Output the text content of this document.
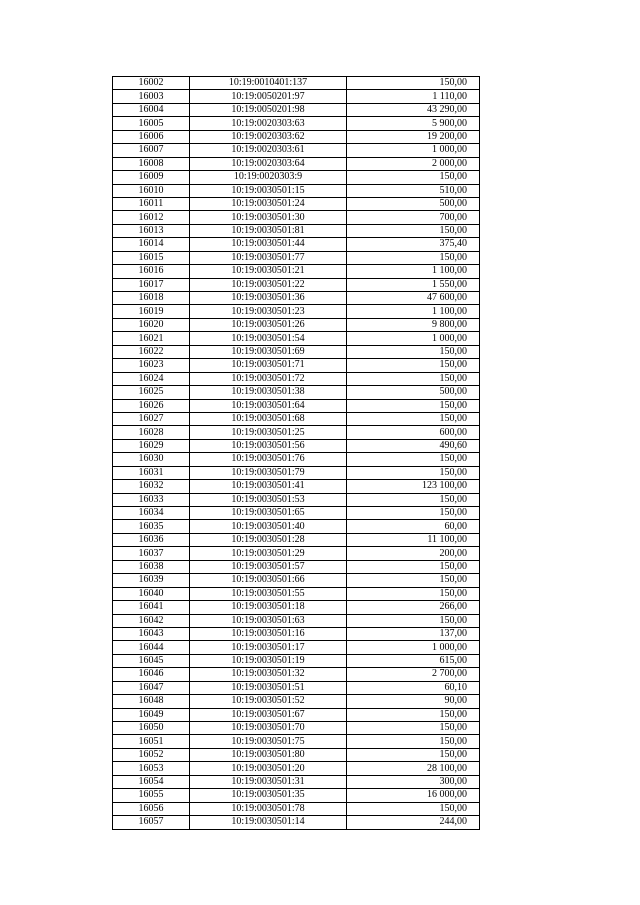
16002	10:19:0010401:137	150,00
16003	10:19:0050201:97	1 110,00
16004	10:19:0050201:98	43 290,00
16005	10:19:0020303:63	5 900,00
16006	10:19:0020303:62	19 200,00
16007	10:19:0020303:61	1 000,00
16008	10:19:0020303:64	2 000,00
16009	10:19:0020303:9	150,00
16010	10:19:0030501:15	510,00
16011	10:19:0030501:24	500,00
16012	10:19:0030501:30	700,00
16013	10:19:0030501:81	150,00
16014	10:19:0030501:44	375,40
16015	10:19:0030501:77	150,00
16016	10:19:0030501:21	1 100,00
16017	10:19:0030501:22	1 550,00
16018	10:19:0030501:36	47 600,00
16019	10:19:0030501:23	1 100,00
16020	10:19:0030501:26	9 800,00
16021	10:19:0030501:54	1 000,00
16022	10:19:0030501:69	150,00
16023	10:19:0030501:71	150,00
16024	10:19:0030501:72	150,00
16025	10:19:0030501:38	500,00
16026	10:19:0030501:64	150,00
16027	10:19:0030501:68	150,00
16028	10:19:0030501:25	600,00
16029	10:19:0030501:56	490,60
16030	10:19:0030501:76	150,00
16031	10:19:0030501:79	150,00
16032	10:19:0030501:41	123 100,00
16033	10:19:0030501:53	150,00
16034	10:19:0030501:65	150,00
16035	10:19:0030501:40	60,00
16036	10:19:0030501:28	11 100,00
16037	10:19:0030501:29	200,00
16038	10:19:0030501:57	150,00
16039	10:19:0030501:66	150,00
16040	10:19:0030501:55	150,00
16041	10:19:0030501:18	266,00
16042	10:19:0030501:63	150,00
16043	10:19:0030501:16	137,00
16044	10:19:0030501:17	1 000,00
16045	10:19:0030501:19	615,00
16046	10:19:0030501:32	2 700,00
16047	10:19:0030501:51	60,10
16048	10:19:0030501:52	90,00
16049	10:19:0030501:67	150,00
16050	10:19:0030501:70	150,00
16051	10:19:0030501:75	150,00
16052	10:19:0030501:80	150,00
16053	10:19:0030501:20	28 100,00
16054	10:19:0030501:31	300,00
16055	10:19:0030501:35	16 000,00
16056	10:19:0030501:78	150,00
16057	10:19:0030501:14	244,00
